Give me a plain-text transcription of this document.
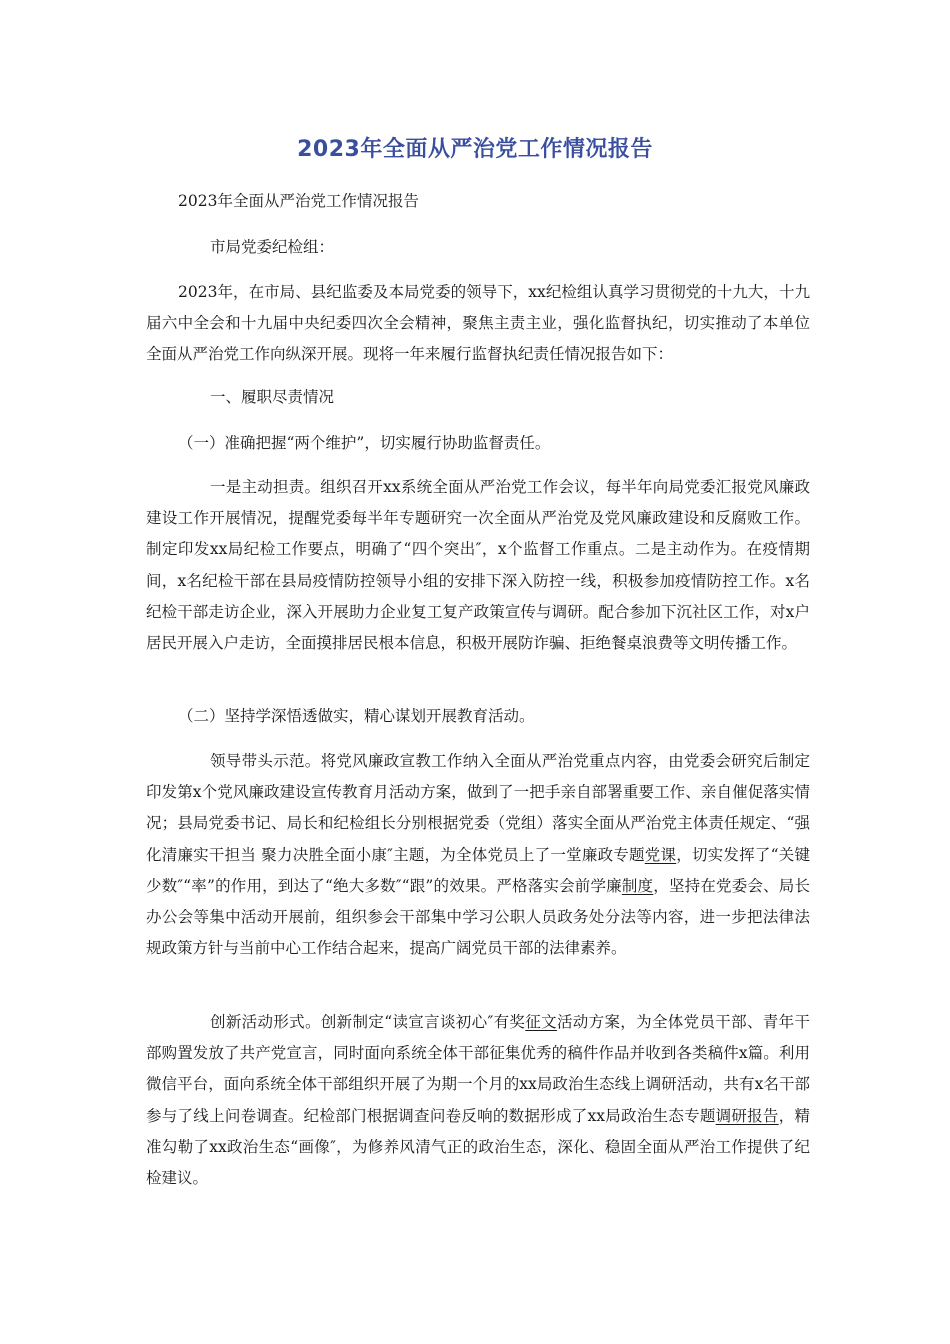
2023年全面从严治党工作情况报告

2023年全面从严治党工作情况报告

市局党委纪检组：

2023年，在市局、县纪监委及本局党委的领导下，xx纪检组认真学习贯彻党的十九大，十九届六中全会和十九届中央纪委四次全会精神，聚焦主责主业，强化监督执纪，切实推动了本单位全面从严治党工作向纵深开展。现将一年来履行监督执纪责任情况报告如下：

一、履职尽责情况

（一）准确把握“两个维护”，切实履行协助监督责任。

一是主动担责。组织召开xx系统全面从严治党工作会议，每半年向局党委汇报党风廉政建设工作开展情况，提醒党委每半年专题研究一次全面从严治党及党风廉政建设和反腐败工作。制定印发xx局纪检工作要点，明确了“四个突出″，x个监督工作重点。二是主动作为。在疫情期间，x名纪检干部在县局疫情防控领导小组的安排下深入防控一线，积极参加疫情防控工作。x名纪检干部走访企业，深入开展助力企业复工复产政策宣传与调研。配合参加下沉社区工作，对x户居民开展入户走访，全面摸排居民根本信息，积极开展防诈骗、拒绝餐桌浪费等文明传播工作。

（二）坚持学深悟透做实，精心谋划开展教育活动。

领导带头示范。将党风廉政宣教工作纳入全面从严治党重点内容，由党委会研究后制定印发第x个党风廉政建设宣传教育月活动方案，做到了一把手亲自部署重要工作、亲自催促落实情况；县局党委书记、局长和纪检组长分别根据党委（党组）落实全面从严治党主体责任规定、“强化清廉实干担当 聚力决胜全面小康″主题，为全体党员上了一堂廉政专题党课，切实发挥了“关键少数″“率”的作用，到达了“绝大多数″“跟”的效果。严格落实会前学廉制度，坚持在党委会、局长办公会等集中活动开展前，组织参会干部集中学习公职人员政务处分法等内容，进一步把法律法规政策方针与当前中心工作结合起来，提高广阔党员干部的法律素养。

创新活动形式。创新制定“读宣言谈初心″有奖征文活动方案，为全体党员干部、青年干部购置发放了共产党宣言，同时面向系统全体干部征集优秀的稿件作品并收到各类稿件x篇。利用微信平台，面向系统全体干部组织开展了为期一个月的xx局政治生态线上调研活动，共有x名干部参与了线上问卷调查。纪检部门根据调查问卷反响的数据形成了xx局政治生态专题调研报告，精准勾勒了xx政治生态“画像″，为修养风清气正的政治生态，深化、稳固全面从严治工作提供了纪检建议。
